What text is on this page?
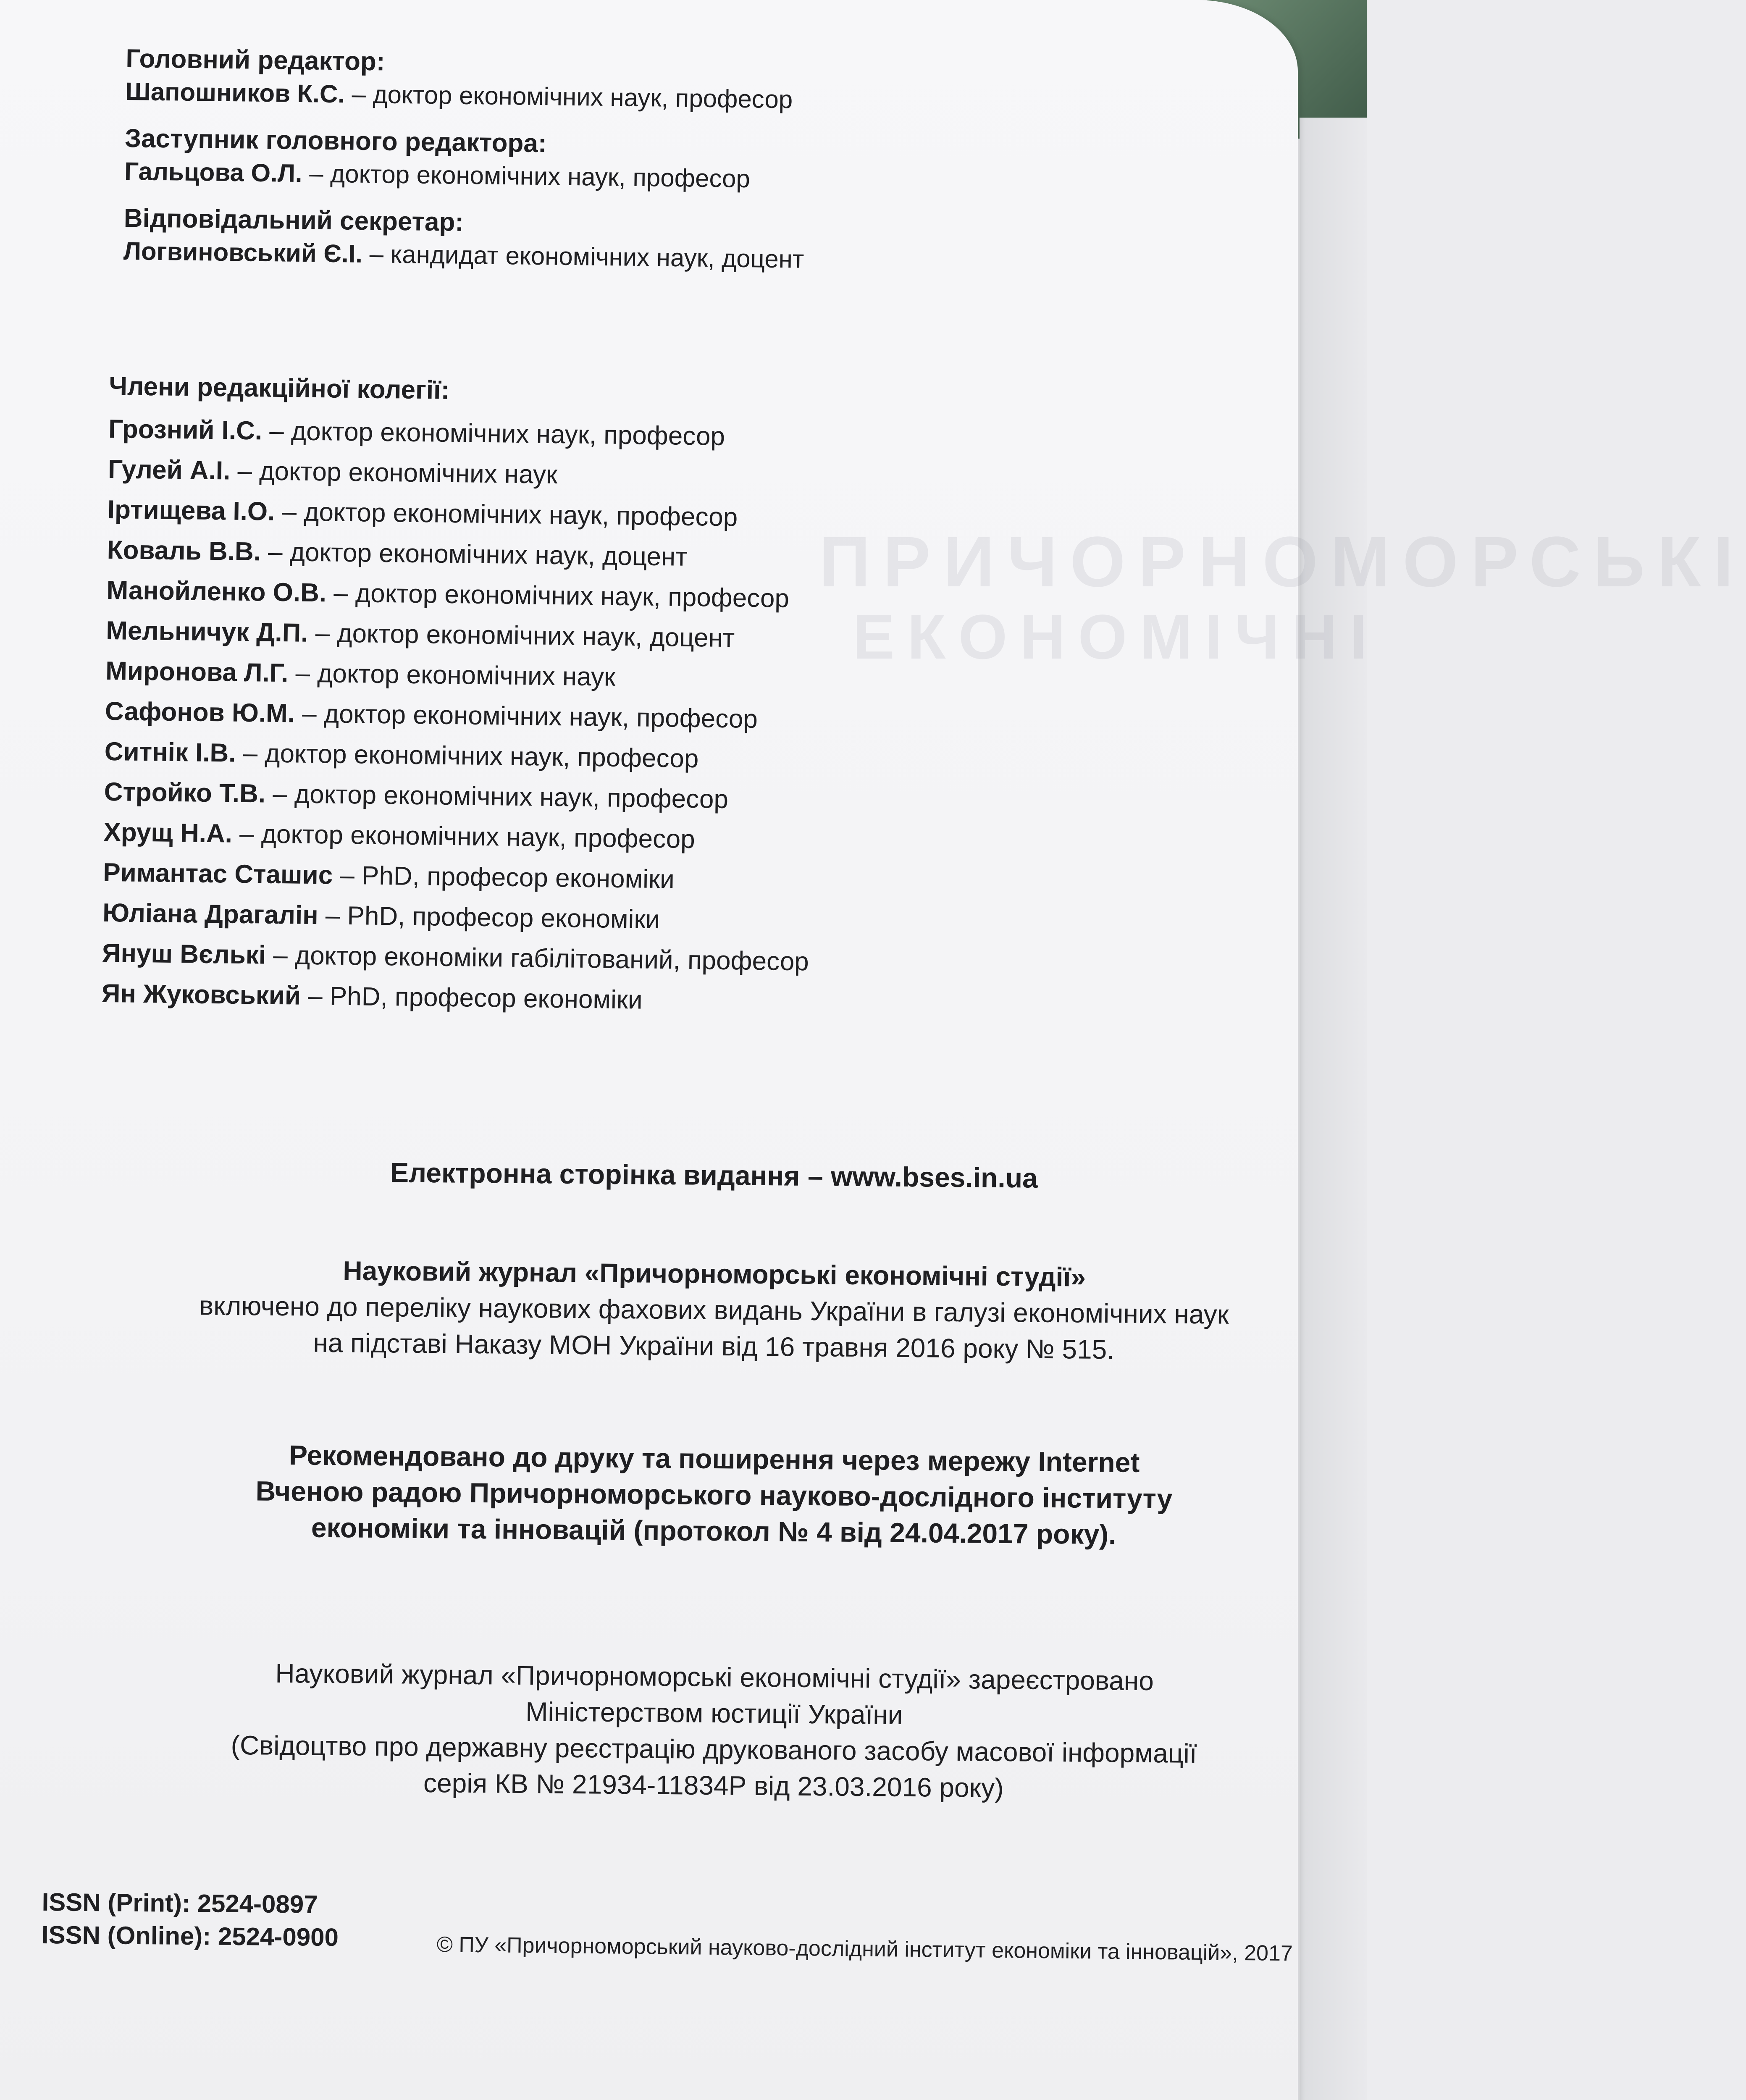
ПРИЧОРНОМОРСЬКІ
ЕКОНОМІЧНІ
Головний редактор:
Шапошников К.С. – доктор економічних наук, професор
Заступник головного редактора:
Гальцова О.Л. – доктор економічних наук, професор
Відповідальний секретар:
Логвиновський Є.І. – кандидат економічних наук, доцент
Члени редакційної колегії:
Грозний І.С. – доктор економічних наук, професор
Гулей А.І. – доктор економічних наук
Іртищева І.О. – доктор економічних наук, професор
Коваль В.В. – доктор економічних наук, доцент
Манойленко О.В. – доктор економічних наук, професор
Мельничук Д.П. – доктор економічних наук, доцент
Миронова Л.Г. – доктор економічних наук
Сафонов Ю.М. – доктор економічних наук, професор
Ситнік І.В. – доктор економічних наук, професор
Стройко Т.В. – доктор економічних наук, професор
Хрущ Н.А. – доктор економічних наук, професор
Римантас Сташис – PhD, професор економіки
Юліана Драгалін – PhD, професор економіки
Януш Вєлькі – доктор економіки габілітований, професор
Ян Жуковський – PhD, професор економіки
Електронна сторінка видання – www.bses.in.ua
Науковий журнал «Причорноморські економічні студії»
включено до переліку наукових фахових видань України в галузі економічних наук
на підставі Наказу МОН України від 16 травня 2016 року № 515.
Рекомендовано до друку та поширення через мережу Internet
Вченою радою Причорноморського науково-дослідного інституту
економіки та інновацій (протокол № 4 від 24.04.2017 року).
Науковий журнал «Причорноморські економічні студії» зареєстровано
Міністерством юстиції України
(Свідоцтво про державну реєстрацію друкованого засобу масової інформації
серія КВ № 21934-11834Р від 23.03.2016 року)
ISSN (Print): 2524-0897
ISSN (Online): 2524-0900	© ПУ «Причорноморський науково-дослідний інститут економіки та інновацій», 2017
